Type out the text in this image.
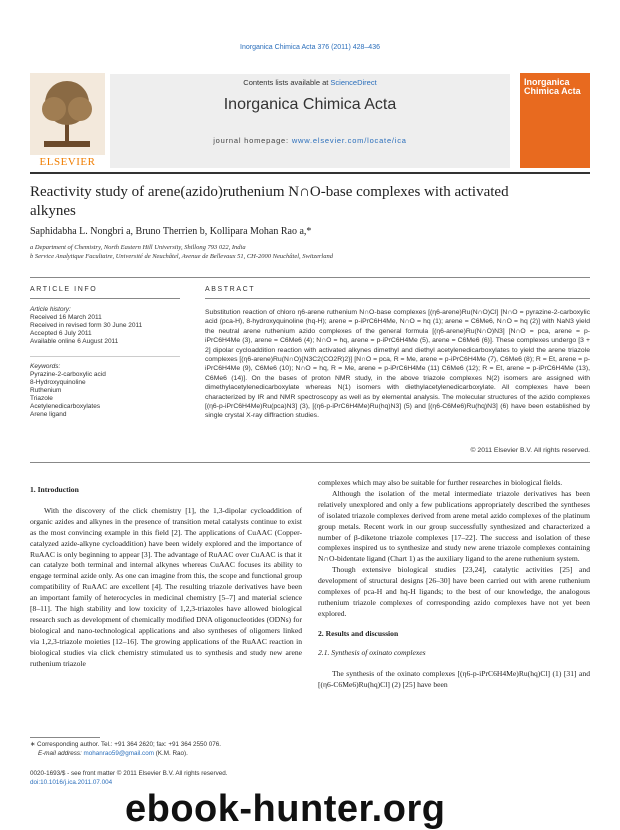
Inorganica Chimica Acta 376 (2011) 428–436
ELSEVIER
Contents lists available at ScienceDirect
Inorganica Chimica Acta
journal homepage: www.elsevier.com/locate/ica
Inorganica Chimica Acta
Reactivity study of arene(azido)ruthenium N∩O-base complexes with activated alkynes
Saphidabha L. Nongbri a, Bruno Therrien b, Kollipara Mohan Rao a,*
a Department of Chemistry, North Eastern Hill University, Shillong 793 022, India
b Service Analytique Facultaire, Université de Neuchâtel, Avenue de Bellevaux 51, CH-2000 Neuchâtel, Switzerland
ARTICLE INFO
Article history:
Received 16 March 2011
Received in revised form 30 June 2011
Accepted 6 July 2011
Available online 6 August 2011
Keywords:
Pyrazine-2-carboxylic acid
8-Hydroxyquinoline
Ruthenium
Triazole
Acetylenedicarboxylates
Arene ligand
ABSTRACT
Substitution reaction of chloro η6-arene ruthenium N∩O-base complexes [(η6-arene)Ru(N∩O)Cl] [N∩O = pyrazine-2-carboxylic acid (pca-H), 8-hydroxyquinoline (hq-H); arene = p-iPrC6H4Me, N∩O = hq (1); arene = C6Me6, N∩O = hq (2)] with NaN3 yield the neutral arene ruthenium azido complexes of the general formula [(η6-arene)Ru(N∩O)N3] [N∩O = pca, arene = p-iPrC6H4Me (3), arene = C6Me6 (4); N∩O = hq, arene = p-iPrC6H4Me (5), arene = C6Me6 (6)]. These complexes undergo [3 + 2] dipolar cycloaddition reaction with activated alkynes dimethyl and diethyl acetylenedicarboxylates to yield the arene triazole complexes [(η6-arene)Ru(N∩O){N3C2(CO2R)2}] [N∩O = pca, R = Me, arene = p-iPrC6H4Me (7), C6Me6 (8); R = Et, arene = p-iPrC6H4Me (9), C6Me6 (10); N∩O = hq, R = Me, arene = p-iPrC6H4Me (11) C6Me6 (12); R = Et, arene = p-iPrC6H4Me (13), C6Me6 (14)]. On the bases of proton NMR study, in the above triazole complexes N(2) isomers are assigned with dimethylacetylenedicarboxylate whereas N(1) isomers with diethylacetylenedicarboxylate. All complexes have been characterized by IR and NMR spectroscopy as well as by elemental analysis. The molecular structures of the azido complexes [(η6-p-iPrC6H4Me)Ru(pca)N3] (3), [(η6-p-iPrC6H4Me)Ru(hq)N3] (5) and [(η6-C6Me6)Ru(hq)N3] (6) have been established by single crystal X-ray diffraction studies.
© 2011 Elsevier B.V. All rights reserved.
1. Introduction

With the discovery of the click chemistry [1], the 1,3-dipolar cycloaddition of organic azides and alkynes in the presence of transition metal catalysts continue to exist as the most convincing example in this field [2]. The applications of CuAAC (Copper-catalyzed azide-alkyne cycloaddition) have been widely explored and the importance of RuAAC is only beginning to appear [3]. The advantage of RuAAC over CuAAC is that it can catalyze both terminal and internal alkynes whereas CuAAC focuses its ability to engage terminal azide only. As one can imagine from this, the scope and functional group compatibility of RuAAC are excellent [4]. The resulting triazole derivatives have been an important family of heterocycles in medicinal chemistry [5–7] and material science [8–11]. The high stability and low toxicity of 1,2,3-triazoles have allowed biological research such as development of chemically modified DNA oligonucleotides (ODNs) for biological and nano-technological applications and also syntheses of oligomers linked via 1,2,3-triazole moieties [12–16]. The growing applications of the RuAAC reaction in biological studies via click chemistry stimulated us to synthesis and study new arene ruthenium triazole

complexes which may also be suitable for further researches in biological fields.

Although the isolation of the metal intermediate triazole derivatives has been relatively unexplored and only a few publications appropriately described the syntheses of isolated triazole complexes derived from arene metal azido complexes of the platinum group metals. Recent work in our group successfully synthesized and characterized a number of β-diketone triazole complexes [17–22]. The success and isolation of these complexes inspired us to synthesize and study new arene triazole complexes containing N∩O-bidentate ligand (Chart 1) as the auxiliary ligand to the arene ruthenium system.

Though extensive biological studies [23,24], catalytic activities [25] and development of structural designs [26–30] have been carried out with arene ruthenium complexes of pca-H and hq-H ligands; to the best of our knowledge, the analogous ruthenium triazole complexes of corresponding azido complexes have not yet been explored.

2. Results and discussion
2.1. Synthesis of oxinato complexes

The synthesis of the oxinato complexes [(η6-p-iPrC6H4Me)Ru(hq)Cl] (1) [31] and [(η6-C6Me6)Ru(hq)Cl] (2) [25] have been

∗ Corresponding author. Tel.: +91 364 2620; fax: +91 364 2550 076.
E-mail address: mohanrao59@gmail.com (K.M. Rao).
0020-1693/$ - see front matter © 2011 Elsevier B.V. All rights reserved.
doi:10.1016/j.ica.2011.07.004
ebook-hunter.org
